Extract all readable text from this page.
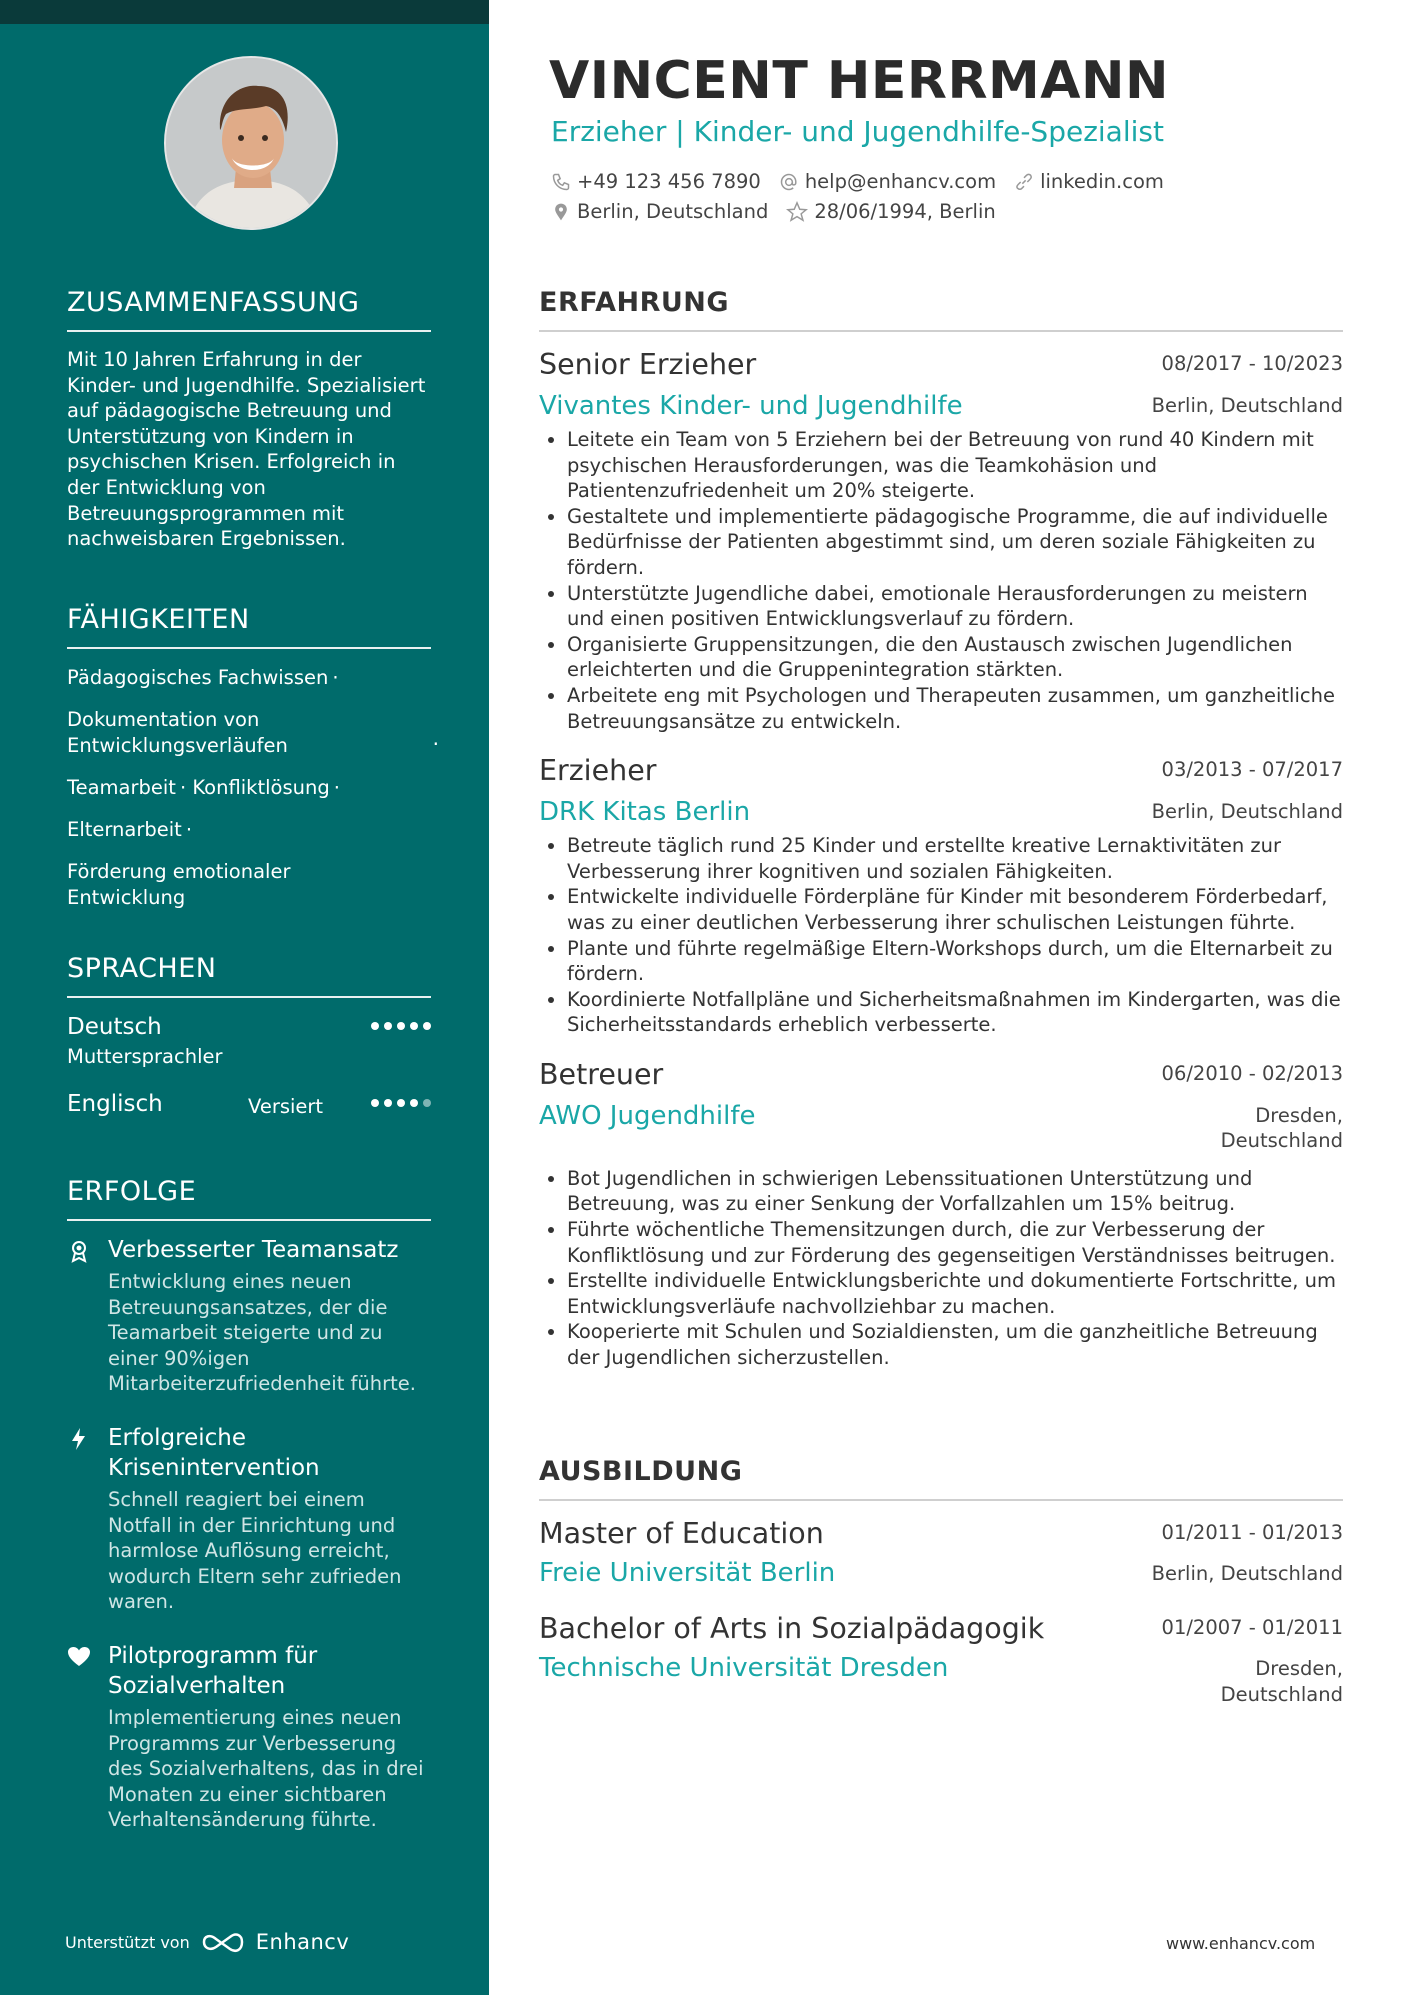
ZUSAMMENFASSUNG

Mit 10 Jahren Erfahrung in der Kinder- und Jugendhilfe. Spezialisiert auf pädagogische Betreuung und Unterstützung von Kindern in psychischen Krisen. Erfolgreich in der Entwicklung von Betreuungsprogrammen mit nachweisbaren Ergebnissen.

FÄHIGKEITEN
Pädagogisches Fachwissen ·
Dokumentation von Entwicklungsverläufen	·
Teamarbeit · Konfliktlösung ·
Elternarbeit ·
Förderung emotionaler Entwicklung
SPRACHEN
Deutsch
Muttersprachler
Englisch	Versiert
ERFOLGE
Verbesserter Teamansatz
Entwicklung eines neuen Betreuungsansatzes, der die Teamarbeit steigerte und zu einer 90%igen Mitarbeiterzufriedenheit führte.
Erfolgreiche Krisenintervention
Schnell reagiert bei einem Notfall in der Einrichtung und harmlose Auflösung erreicht, wodurch Eltern sehr zufrieden waren.
Pilotprogramm für Sozialverhalten
Implementierung eines neuen Programms zur Verbesserung des Sozialverhaltens, das in drei Monaten zu einer sichtbaren Verhaltensänderung führte.
Unterstützt von	Enhancv
VINCENT HERRMANN
Erzieher | Kinder- und Jugendhilfe-Spezialist
+49 123 456 7890 help@enhancv.com linkedin.com
Berlin, Deutschland 28/06/1994, Berlin
ERFAHRUNG
Senior Erzieher	08/2017 - 10/2023
Vivantes Kinder- und Jugendhilfe	Berlin, Deutschland
Leitete ein Team von 5 Erziehern bei der Betreuung von rund 40 Kindern mit psychischen Herausforderungen, was die Teamkohäsion und Patientenzufriedenheit um 20% steigerte.
Gestaltete und implementierte pädagogische Programme, die auf individuelle Bedürfnisse der Patienten abgestimmt sind, um deren soziale Fähigkeiten zu fördern.
Unterstützte Jugendliche dabei, emotionale Herausforderungen zu meistern und einen positiven Entwicklungsverlauf zu fördern.
Organisierte Gruppensitzungen, die den Austausch zwischen Jugendlichen erleichterten und die Gruppenintegration stärkten.
Arbeitete eng mit Psychologen und Therapeuten zusammen, um ganzheitliche Betreuungsansätze zu entwickeln.
Erzieher	03/2013 - 07/2017
DRK Kitas Berlin	Berlin, Deutschland
Betreute täglich rund 25 Kinder und erstellte kreative Lernaktivitäten zur Verbesserung ihrer kognitiven und sozialen Fähigkeiten.
Entwickelte individuelle Förderpläne für Kinder mit besonderem Förderbedarf, was zu einer deutlichen Verbesserung ihrer schulischen Leistungen führte.
Plante und führte regelmäßige Eltern-Workshops durch, um die Elternarbeit zu fördern.
Koordinierte Notfallpläne und Sicherheitsmaßnahmen im Kindergarten, was die Sicherheitsstandards erheblich verbesserte.
Betreuer	06/2010 - 02/2013
AWO Jugendhilfe	Dresden,
Deutschland
Bot Jugendlichen in schwierigen Lebenssituationen Unterstützung und Betreuung, was zu einer Senkung der Vorfallzahlen um 15% beitrug.
Führte wöchentliche Themensitzungen durch, die zur Verbesserung der Konfliktlösung und zur Förderung des gegenseitigen Verständnisses beitrugen.
Erstellte individuelle Entwicklungsberichte und dokumentierte Fortschritte, um Entwicklungsverläufe nachvollziehbar zu machen.
Kooperierte mit Schulen und Sozialdiensten, um die ganzheitliche Betreuung der Jugendlichen sicherzustellen.
AUSBILDUNG
Master of Education	01/2011 - 01/2013
Freie Universität Berlin	Berlin, Deutschland
Bachelor of Arts in Sozialpädagogik	01/2007 - 01/2011
Technische Universität Dresden	Dresden,
Deutschland
www.enhancv.com
